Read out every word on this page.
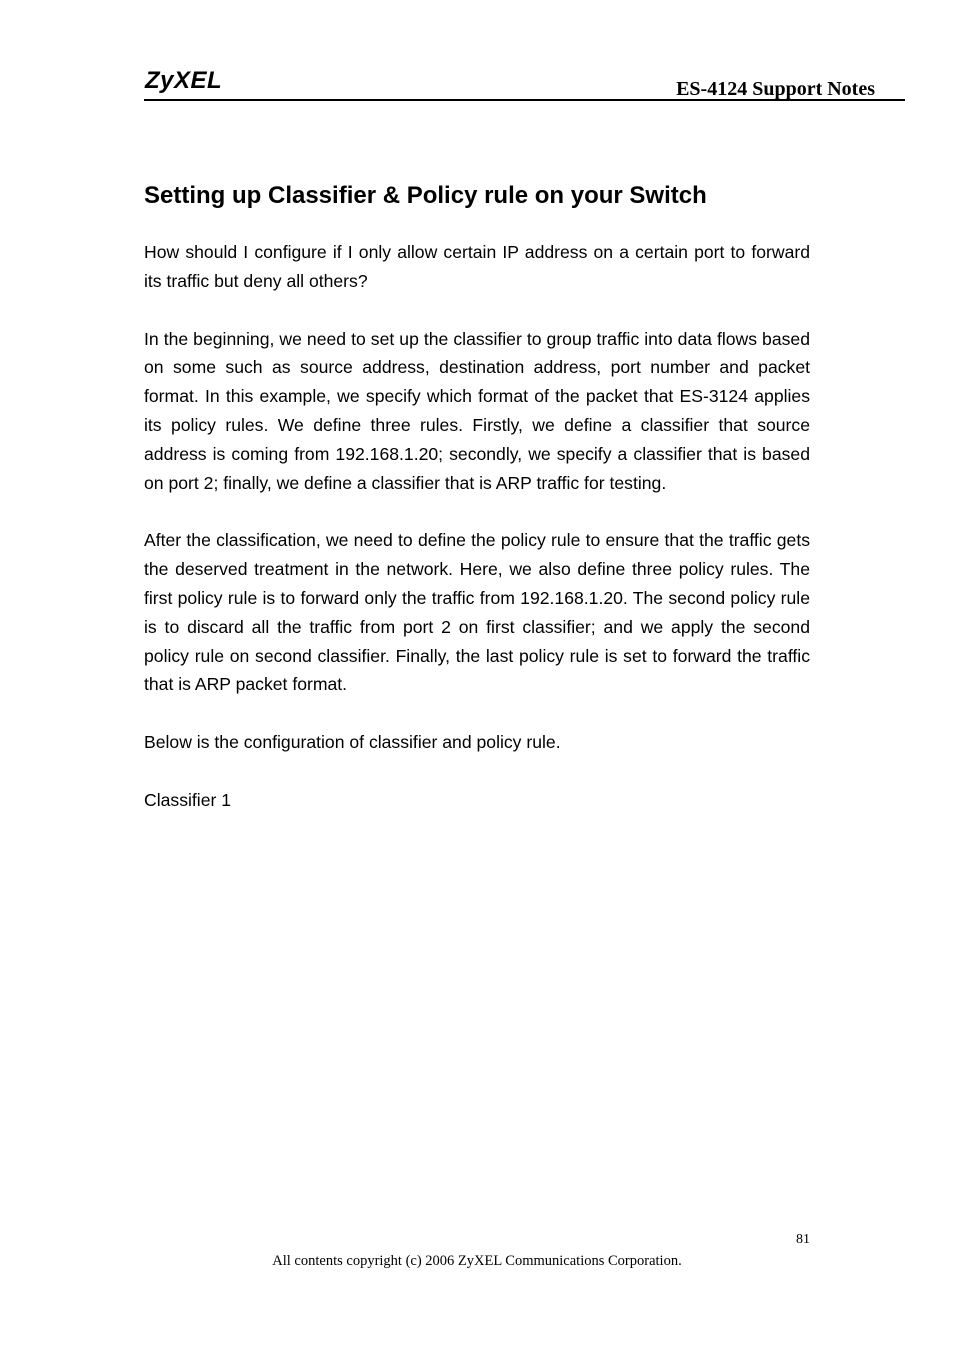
ZyXEL	ES-4124 Support Notes
Setting up Classifier & Policy rule on your Switch

How should I configure if I only allow certain IP address on a certain port to forward its traffic but deny all others?

In the beginning, we need to set up the classifier to group traffic into data flows based on some such as source address, destination address, port number and packet format. In this example, we specify which format of the packet that ES-3124 applies its policy rules. We define three rules. Firstly, we define a classifier that source address is coming from 192.168.1.20; secondly, we specify a classifier that is based on port 2; finally, we define a classifier that is ARP traffic for testing.

After the classification, we need to define the policy rule to ensure that the traffic gets the deserved treatment in the network. Here, we also define three policy rules. The first policy rule is to forward only the traffic from 192.168.1.20. The second policy rule is to discard all the traffic from port 2 on first classifier; and we apply the second policy rule on second classifier. Finally, the last policy rule is set to forward the traffic that is ARP packet format.

Below is the configuration of classifier and policy rule.

Classifier 1

81
All contents copyright (c) 2006 ZyXEL Communications Corporation.
